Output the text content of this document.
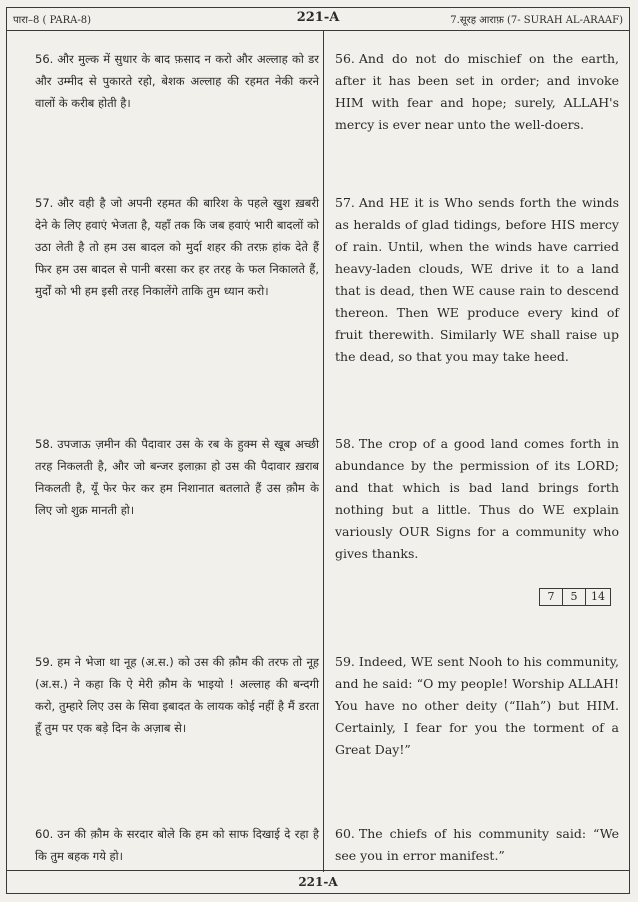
पारा–8 ( PARA-8)	221-A	7.सूरह आराफ़ (7- SURAH AL-ARAAF)
56. और मुल्क में सुधार के बाद फ़साद न करो और अल्लाह को डर और उम्मीद से पुकारते रहो, बेशक अल्लाह की रहमत नेकी करने वालों के करीब होती है।
56. And do not do mischief on the earth, after it has been set in order; and invoke HIM with fear and hope; surely, ALLAH's mercy is ever near unto the well-doers.
57. और वही है जो अपनी रहमत की बारिश के पहले खुश ख़बरी देने के लिए हवाएं भेजता है, यहाँ तक कि जब हवाएं भारी बादलों को उठा लेती है तो हम उस बादल को मुर्दा शहर की तरफ़ हांक देते हैं फिर हम उस बादल से पानी बरसा कर हर तरह के फल निकालते हैं, मुर्दों को भी हम इसी तरह निकालेंगे ताकि तुम ध्यान करो।
57. And HE it is Who sends forth the winds as heralds of glad tidings, before HIS mercy of rain. Until, when the winds have carried heavy-laden clouds, WE drive it to a land that is dead, then WE cause rain to descend thereon. Then WE produce every kind of fruit therewith. Similarly WE shall raise up the dead, so that you may take heed.
58. उपजाऊ ज़मीन की पैदावार उस के रब के हुक्म से खूब अच्छी तरह निकलती है, और जो बन्जर इलाक़ा हो उस की पैदावार ख़राब निकलती है, यूँ फेर फेर कर हम निशानात बतलाते हैं उस क़ौम के लिए जो शुक्र मानती हो।
58. The crop of a good land comes forth in abundance by the permission of its LORD; and that which is bad land brings forth nothing but a little. Thus do WE explain variously OUR Signs for a community who gives thanks.
7	5	14
59. हम ने भेजा था नूह (अ.स.) को उस की क़ौम की तरफ तो नूह (अ.स.) ने कहा कि ऐ मेरी क़ौम के भाइयो ! अल्लाह की बन्दगी करो, तुम्हारे लिए उस के सिवा इबादत के लायक कोई नहीं है मैं डरता हूँ तुम पर एक बड़े दिन के अज़ाब से।
59. Indeed, WE sent Nooh to his community, and he said: “O my people! Worship ALLAH! You have no other deity (“Ilah”) but HIM. Certainly, I fear for you the torment of a Great Day!”
60. उन की क़ौम के सरदार बोले कि हम को साफ दिखाई दे रहा है कि तुम बहक गये हो।
60. The chiefs of his community said: “We see you in error manifest.”
221-A
